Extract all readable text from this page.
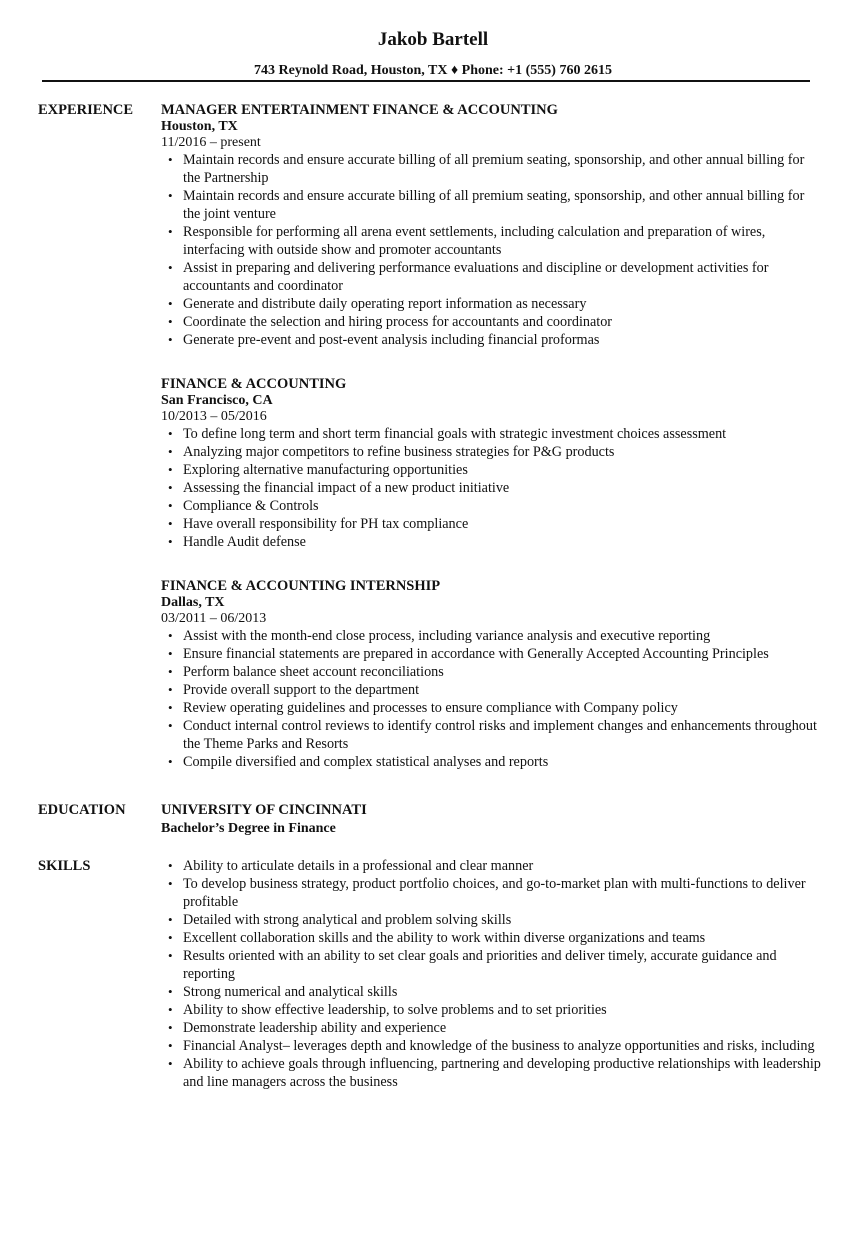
Jakob Bartell
743 Reynold Road, Houston, TX ♦ Phone: +1 (555) 760 2615
EXPERIENCE MANAGER ENTERTAINMENT FINANCE & ACCOUNTING
Houston, TX
11/2016 – present
• Maintain records and ensure accurate billing of all premium seating, sponsorship, and other annual billing for the Partnership
• Maintain records and ensure accurate billing of all premium seating, sponsorship, and other annual billing for the joint venture
• Responsible for performing all arena event settlements, including calculation and preparation of wires, interfacing with outside show and promoter accountants
• Assist in preparing and delivering performance evaluations and discipline or development activities for accountants and coordinator
• Generate and distribute daily operating report information as necessary
• Coordinate the selection and hiring process for accountants and coordinator
• Generate pre-event and post-event analysis including financial proformas
FINANCE & ACCOUNTING
San Francisco, CA
10/2013 – 05/2016
• To define long term and short term financial goals with strategic investment choices assessment
• Analyzing major competitors to refine business strategies for P&G products
• Exploring alternative manufacturing opportunities
• Assessing the financial impact of a new product initiative
• Compliance & Controls
• Have overall responsibility for PH tax compliance
• Handle Audit defense
FINANCE & ACCOUNTING INTERNSHIP
Dallas, TX
03/2011 – 06/2013
• Assist with the month-end close process, including variance analysis and executive reporting
• Ensure financial statements are prepared in accordance with Generally Accepted Accounting Principles
• Perform balance sheet account reconciliations
• Provide overall support to the department
• Review operating guidelines and processes to ensure compliance with Company policy
• Conduct internal control reviews to identify control risks and implement changes and enhancements throughout the Theme Parks and Resorts
• Compile diversified and complex statistical analyses and reports
EDUCATION UNIVERSITY OF CINCINNATI
Bachelor’s Degree in Finance
SKILLS	• Ability to articulate details in a professional and clear manner
• To develop business strategy, product portfolio choices, and go-to-market plan with multi-functions to deliver profitable
• Detailed with strong analytical and problem solving skills
• Excellent collaboration skills and the ability to work within diverse organizations and teams
• Results oriented with an ability to set clear goals and priorities and deliver timely, accurate guidance and reporting
• Strong numerical and analytical skills
• Ability to show effective leadership, to solve problems and to set priorities
• Demonstrate leadership ability and experience
• Financial Analyst– leverages depth and knowledge of the business to analyze opportunities and risks, including
• Ability to achieve goals through influencing, partnering and developing productive relationships with leadership and line managers across the business
